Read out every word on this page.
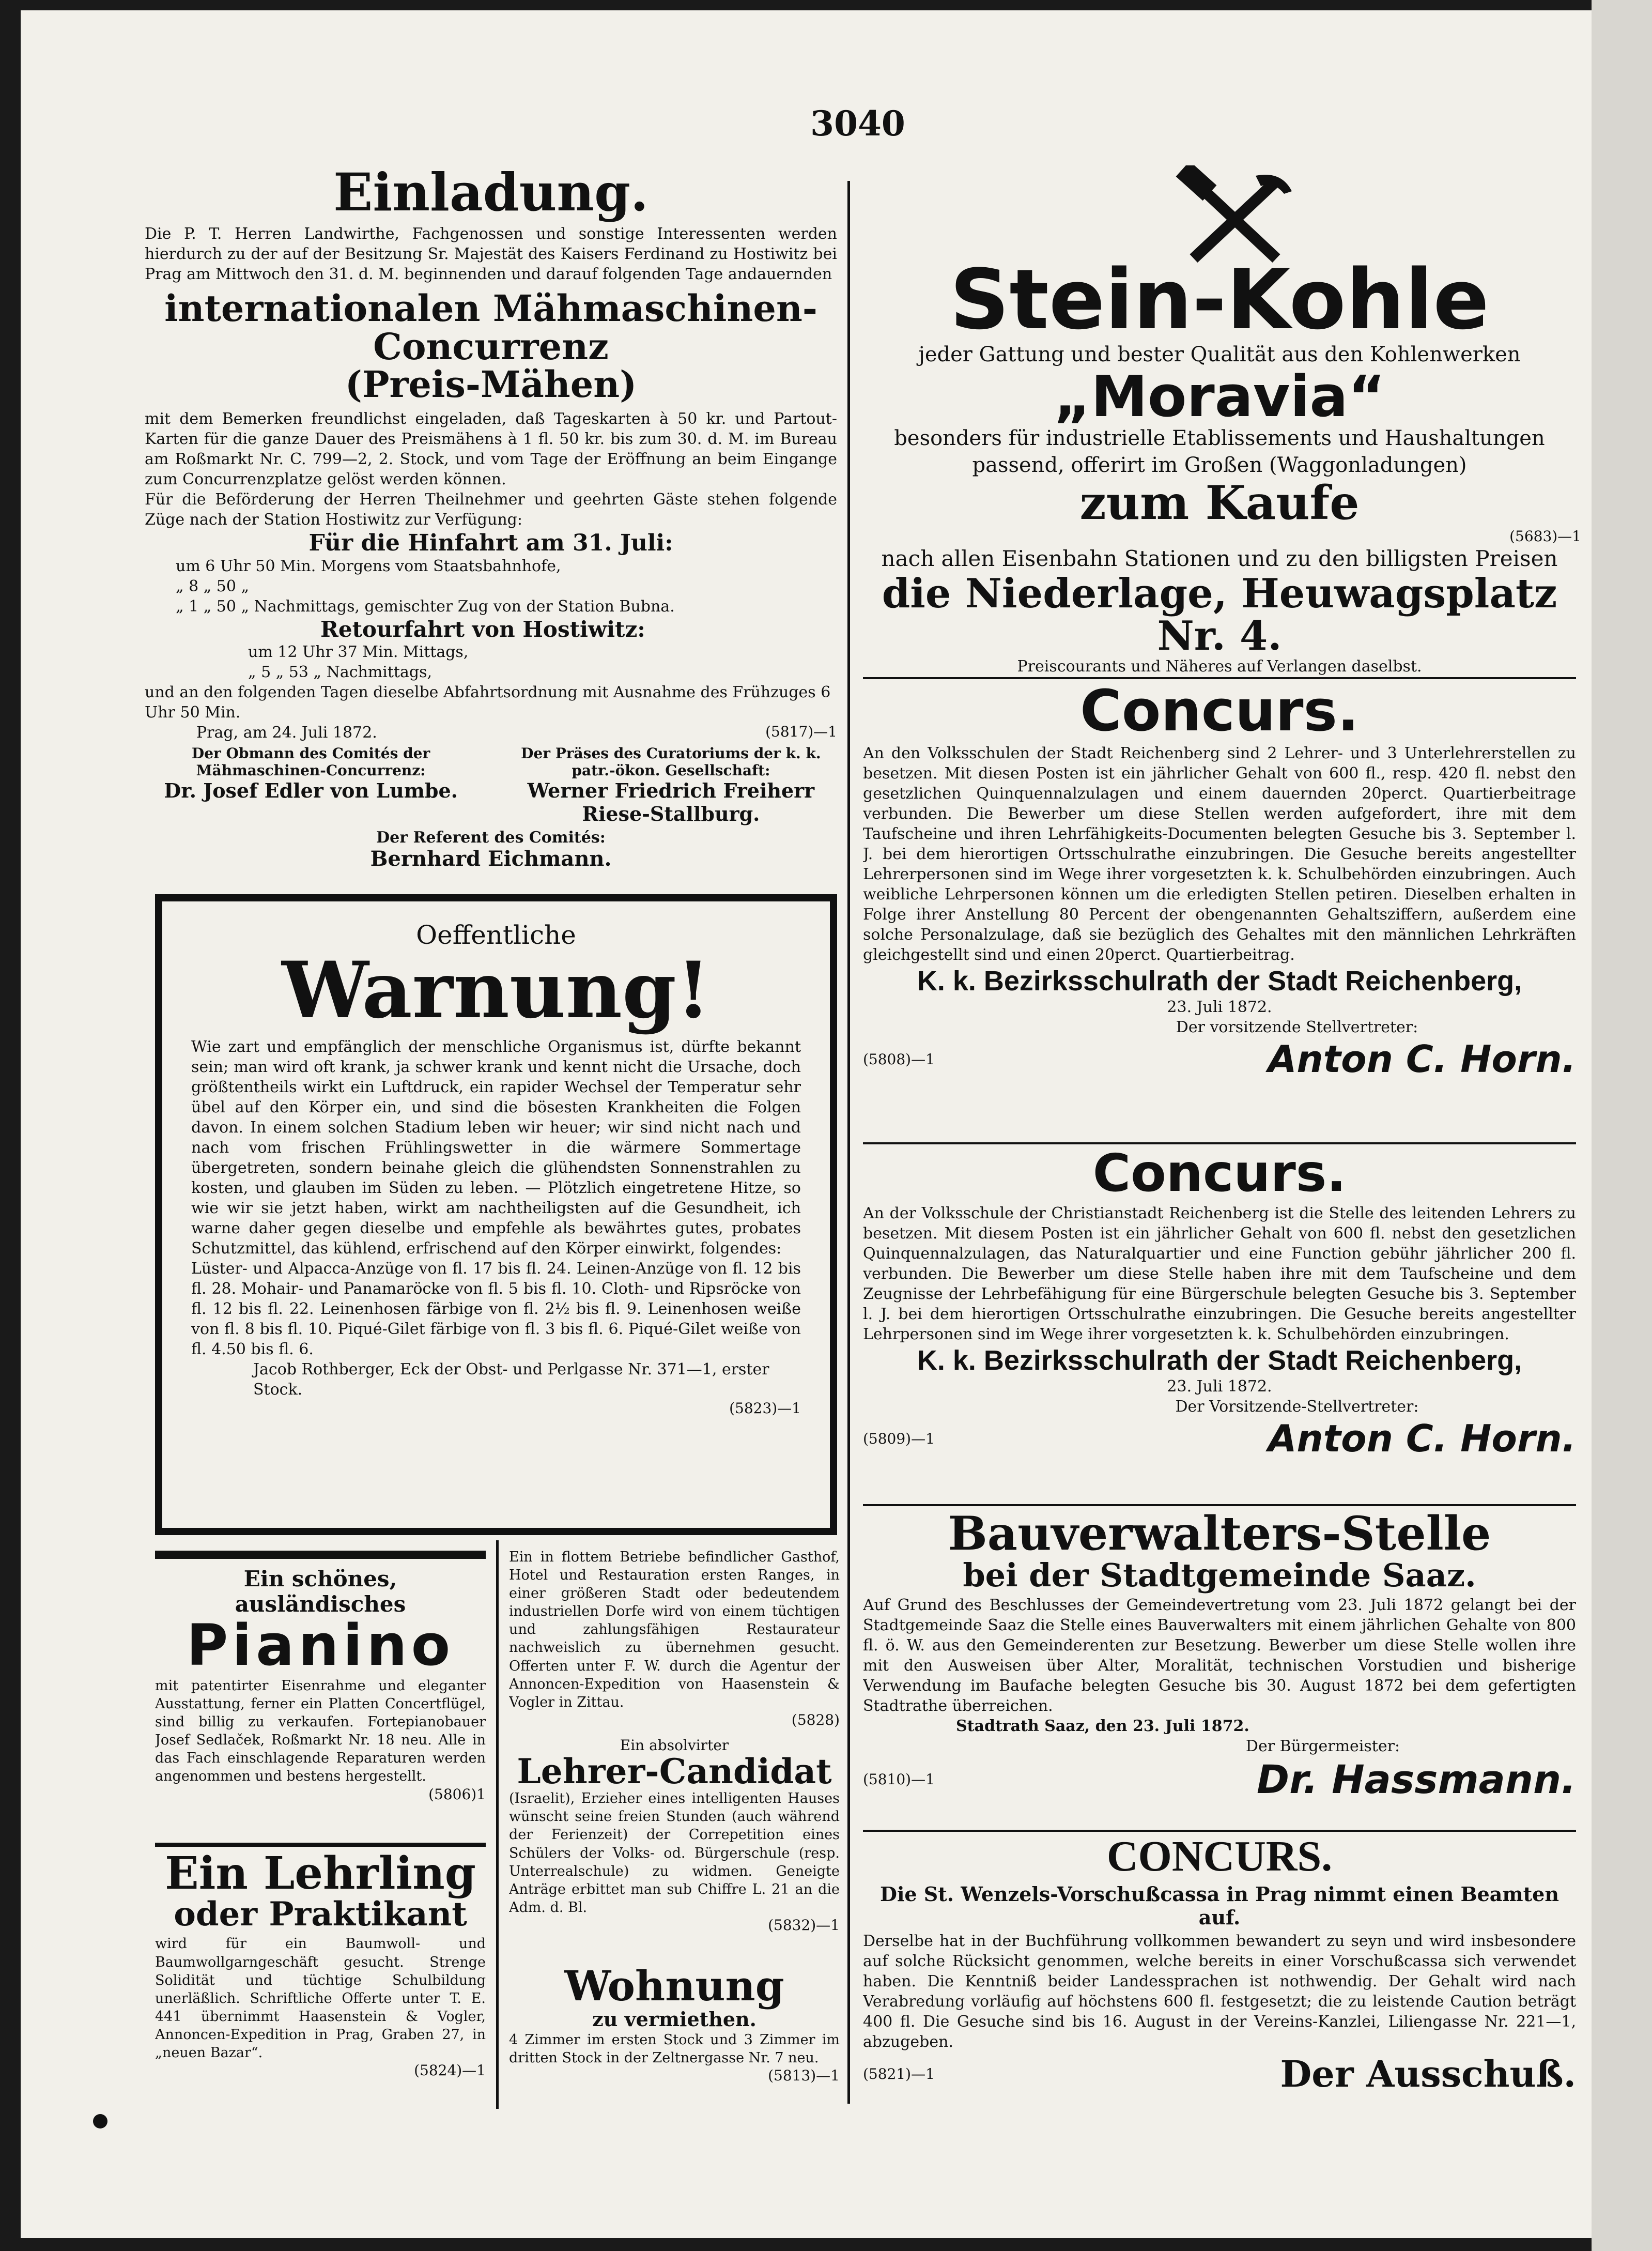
3040
Einladung.
Die P. T. Herren Landwirthe, Fachgenossen und sonstige Interessenten werden hierdurch zu der auf der Besitzung Sr. Majestät des Kaisers Ferdinand zu Hostiwitz bei Prag am Mittwoch den 31. d. M. beginnenden und darauf folgenden Tage andauernden
internationalen Mähmaschinen-Concurrenz
(Preis-Mähen)
mit dem Bemerken freundlichst eingeladen, daß Tageskarten à 50 kr. und Partout-Karten für die ganze Dauer des Preismähens à 1 fl. 50 kr. bis zum 30. d. M. im Bureau am Roßmarkt Nr. C. 799—2, 2. Stock, und vom Tage der Eröffnung an beim Eingange zum Concurrenzplatze gelöst werden können.
Für die Beförderung der Herren Theilnehmer und geehrten Gäste stehen folgende Züge nach der Station Hostiwitz zur Verfügung:
Für die Hinfahrt am 31. Juli:
um 6 Uhr 50 Min. Morgens vom Staatsbahnhofe,
„ 8 „ 50 „
„ 1 „ 50 „ Nachmittags, gemischter Zug von der Station Bubna.
Retourfahrt von Hostiwitz:
um 12 Uhr 37 Min. Mittags,
„ 5 „ 53 „ Nachmittags,
und an den folgenden Tagen dieselbe Abfahrtsordnung mit Ausnahme des Frühzuges 6 Uhr 50 Min.
Prag, am 24. Juli 1872.	(5817)—1
Der Obmann des Comités der Mähmaschinen-Concurrenz:
Dr. Josef Edler von Lumbe.
Der Präses des Curatoriums der k. k. patr.-ökon. Gesellschaft:
Werner Friedrich Freiherr Riese-Stallburg.
Der Referent des Comités:
Bernhard Eichmann.
Oeffentliche
Warnung!
Wie zart und empfänglich der menschliche Organismus ist, dürfte bekannt sein; man wird oft krank, ja schwer krank und kennt nicht die Ursache, doch größtentheils wirkt ein Luftdruck, ein rapider Wechsel der Temperatur sehr übel auf den Körper ein, und sind die bösesten Krankheiten die Folgen davon. In einem solchen Stadium leben wir heuer; wir sind nicht nach und nach vom frischen Frühlingswetter in die wärmere Sommertage übergetreten, sondern beinahe gleich die glühendsten Sonnenstrahlen zu kosten, und glauben im Süden zu leben. — Plötzlich eingetretene Hitze, so wie wir sie jetzt haben, wirkt am nachtheiligsten auf die Gesundheit, ich warne daher gegen dieselbe und empfehle als bewährtes gutes, probates Schutzmittel, das kühlend, erfrischend auf den Körper einwirkt, folgendes:
Lüster- und Alpacca-Anzüge von fl. 17 bis fl. 24. Leinen-Anzüge von fl. 12 bis fl. 28. Mohair- und Panamaröcke von fl. 5 bis fl. 10. Cloth- und Ripsröcke von fl. 12 bis fl. 22. Leinenhosen färbige von fl. 2½ bis fl. 9. Leinenhosen weiße von fl. 8 bis fl. 10. Piqué-Gilet färbige von fl. 3 bis fl. 6. Piqué-Gilet weiße von fl. 4.50 bis fl. 6.
Jacob Rothberger, Eck der Obst- und Perlgasse Nr. 371—1, erster Stock.
(5823)—1
Ein schönes, ausländisches
Pianino
mit patentirter Eisenrahme und eleganter Ausstattung, ferner ein Platten Concertflügel, sind billig zu verkaufen. Fortepianobauer Josef Sedlaček, Roßmarkt Nr. 18 neu. Alle in das Fach einschlagende Reparaturen werden angenommen und bestens hergestellt.
(5806)1
Ein Lehrling
oder Praktikant
wird für ein Baumwoll- und Baumwollgarngeschäft gesucht. Strenge Solidität und tüchtige Schulbildung unerläßlich. Schriftliche Offerte unter T. E. 441 übernimmt Haasenstein & Vogler, Annoncen-Expedition in Prag, Graben 27, in „neuen Bazar“.
(5824)—1
Ein in flottem Betriebe befindlicher Gasthof, Hotel und Restauration ersten Ranges, in einer größeren Stadt oder bedeutendem industriellen Dorfe wird von einem tüchtigen und zahlungsfähigen Restaurateur nachweislich zu übernehmen gesucht. Offerten unter F. W. durch die Agentur der Annoncen-Expedition von Haasenstein & Vogler in Zittau.
(5828)
Ein absolvirter
Lehrer-Candidat
(Israelit), Erzieher eines intelligenten Hauses wünscht seine freien Stunden (auch während der Ferienzeit) der Correpetition eines Schülers der Volks- od. Bürgerschule (resp. Unterrealschule) zu widmen. Geneigte Anträge erbittet man sub Chiffre L. 21 an die Adm. d. Bl.
(5832)—1
Wohnung
zu vermiethen.
4 Zimmer im ersten Stock und 3 Zimmer im dritten Stock in der Zeltnergasse Nr. 7 neu.
(5813)—1
Stein-Kohle
jeder Gattung und bester Qualität aus den Kohlenwerken
„Moravia“
besonders für industrielle Etablissements und Haushaltungen passend, offerirt im Großen (Waggonladungen)
zum Kaufe
(5683)—1
nach allen Eisenbahn Stationen und zu den billigsten Preisen
die Niederlage, Heuwagsplatz Nr. 4.
Preiscourants und Näheres auf Verlangen daselbst.
Concurs.
An den Volksschulen der Stadt Reichenberg sind 2 Lehrer- und 3 Unterlehrerstellen zu besetzen. Mit diesen Posten ist ein jährlicher Gehalt von 600 fl., resp. 420 fl. nebst den gesetzlichen Quinquennalzulagen und einem dauernden 20perct. Quartierbeitrage verbunden. Die Bewerber um diese Stellen werden aufgefordert, ihre mit dem Taufscheine und ihren Lehrfähigkeits-Documenten belegten Gesuche bis 3. September l. J. bei dem hierortigen Ortsschulrathe einzubringen. Die Gesuche bereits angestellter Lehrerpersonen sind im Wege ihrer vorgesetzten k. k. Schulbehörden einzubringen. Auch weibliche Lehrpersonen können um die erledigten Stellen petiren. Dieselben erhalten in Folge ihrer Anstellung 80 Percent der obengenannten Gehaltsziffern, außerdem eine solche Personalzulage, daß sie bezüglich des Gehaltes mit den männlichen Lehrkräften gleichgestellt sind und einen 20perct. Quartierbeitrag.
K. k. Bezirksschulrath der Stadt Reichenberg,
23. Juli 1872.
Der vorsitzende Stellvertreter:
(5808)—1	Anton C. Horn.
Concurs.
An der Volksschule der Christianstadt Reichenberg ist die Stelle des leitenden Lehrers zu besetzen. Mit diesem Posten ist ein jährlicher Gehalt von 600 fl. nebst den gesetzlichen Quinquennalzulagen, das Naturalquartier und eine Function gebühr jährlicher 200 fl. verbunden. Die Bewerber um diese Stelle haben ihre mit dem Taufscheine und dem Zeugnisse der Lehrbefähigung für eine Bürgerschule belegten Gesuche bis 3. September l. J. bei dem hierortigen Ortsschulrathe einzubringen. Die Gesuche bereits angestellter Lehrpersonen sind im Wege ihrer vorgesetzten k. k. Schulbehörden einzubringen.
K. k. Bezirksschulrath der Stadt Reichenberg,
23. Juli 1872.
Der Vorsitzende-Stellvertreter:
(5809)—1	Anton C. Horn.
Bauverwalters-Stelle
bei der Stadtgemeinde Saaz.
Auf Grund des Beschlusses der Gemeindevertretung vom 23. Juli 1872 gelangt bei der Stadtgemeinde Saaz die Stelle eines Bauverwalters mit einem jährlichen Gehalte von 800 fl. ö. W. aus den Gemeinderenten zur Besetzung. Bewerber um diese Stelle wollen ihre mit den Ausweisen über Alter, Moralität, technischen Vorstudien und bisherige Verwendung im Baufache belegten Gesuche bis 30. August 1872 bei dem gefertigten Stadtrathe überreichen.
Stadtrath Saaz, den 23. Juli 1872.
Der Bürgermeister:
(5810)—1	Dr. Hassmann.
CONCURS.
Die St. Wenzels-Vorschußcassa in Prag nimmt einen Beamten auf.
Derselbe hat in der Buchführung vollkommen bewandert zu seyn und wird insbesondere auf solche Rücksicht genommen, welche bereits in einer Vorschußcassa sich verwendet haben. Die Kenntniß beider Landessprachen ist nothwendig. Der Gehalt wird nach Verabredung vorläufig auf höchstens 600 fl. festgesetzt; die zu leistende Caution beträgt 400 fl. Die Gesuche sind bis 16. August in der Vereins-Kanzlei, Liliengasse Nr. 221—1, abzugeben.
(5821)—1	Der Ausschuß.
